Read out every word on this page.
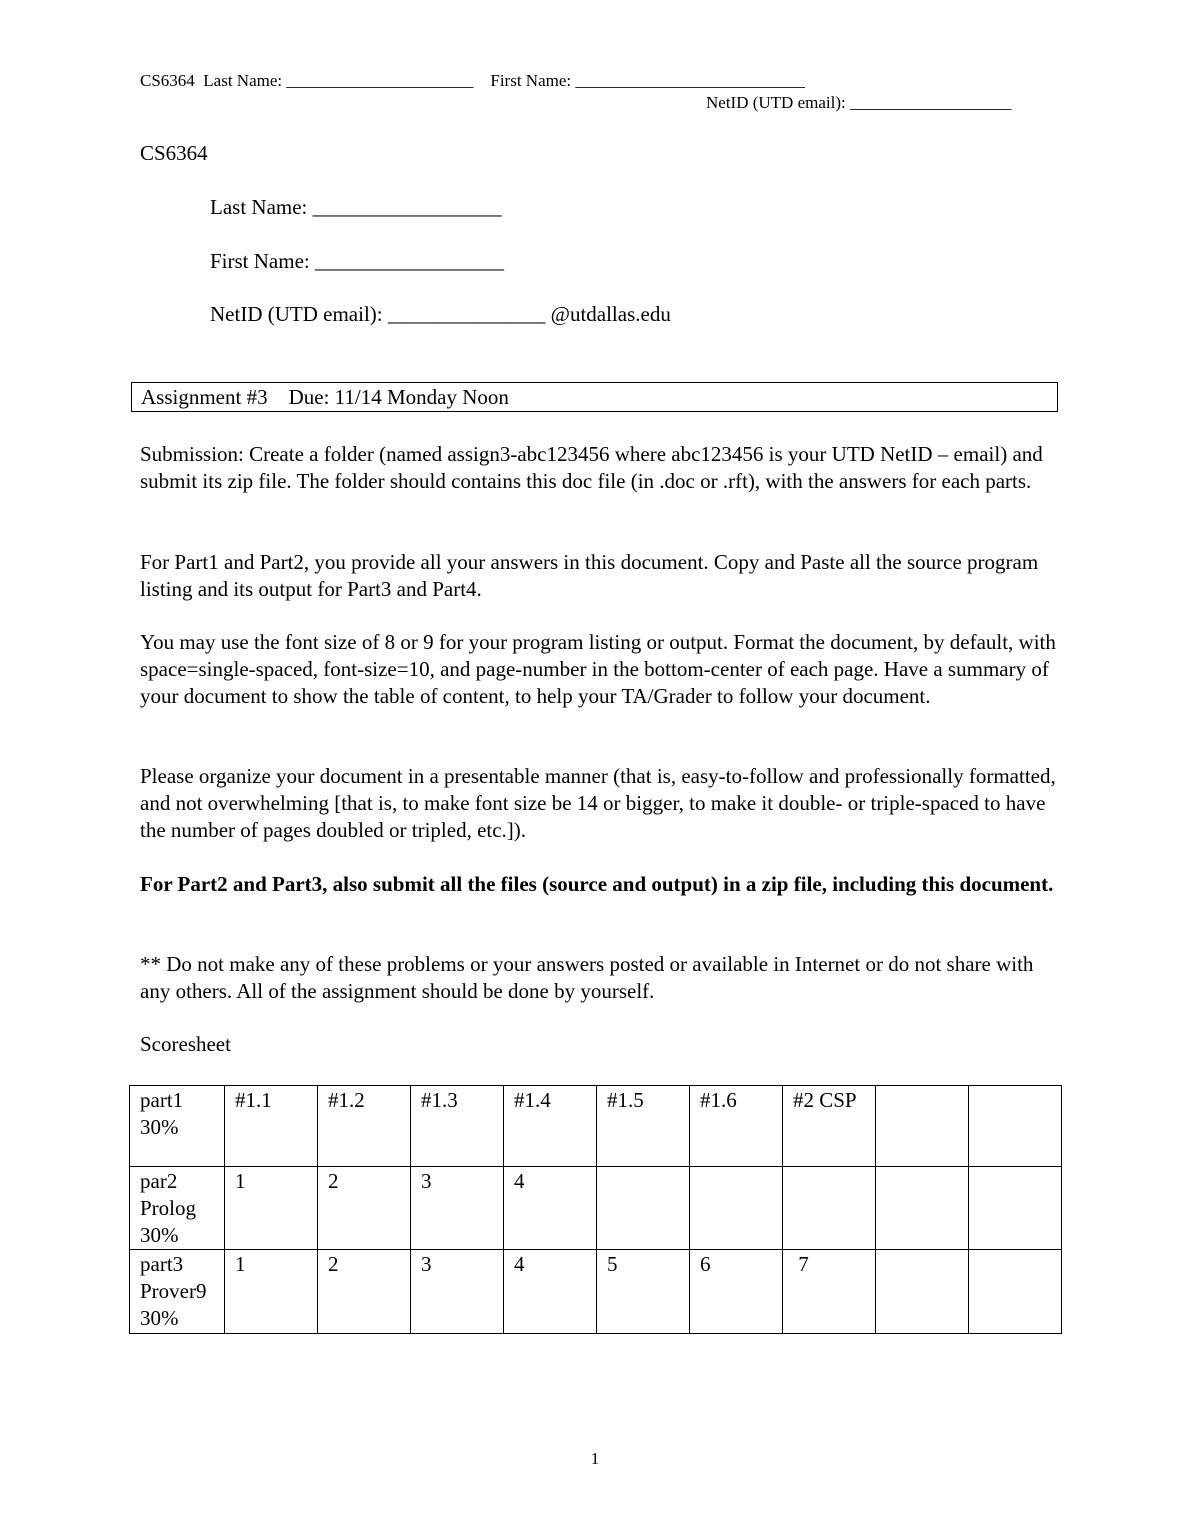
CS6364  Last Name: ______________________    First Name: ___________________________
NetID (UTD email): ___________________
CS6364
Last Name: __________________
First Name: __________________
NetID (UTD email): _______________ @utdallas.edu
Assignment #3    Due: 11/14 Monday Noon
Submission: Create a folder (named assign3-abc123456 where abc123456 is your UTD NetID – email) and submit its zip file. The folder should contains this doc file (in .doc or .rft), with the answers for each parts.
For Part1 and Part2, you provide all your answers in this document. Copy and Paste all the source program listing and its output for Part3 and Part4.
You may use the font size of 8 or 9 for your program listing or output. Format the document, by default, with space=single-spaced, font-size=10, and page-number in the bottom-center of each page. Have a summary of your document to show the table of content, to help your TA/Grader to follow your document.
Please organize your document in a presentable manner (that is, easy-to-follow and professionally formatted, and not overwhelming [that is, to make font size be 14 or bigger, to make it double- or triple-spaced to have the number of pages doubled or tripled, etc.]).
For Part2 and Part3, also submit all the files (source and output) in a zip file, including this document.
** Do not make any of these problems or your answers posted or available in Internet or do not share with any others. All of the assignment should be done by yourself.
Scoresheet
part1
30%	#1.1	#1.2	#1.3	#1.4	#1.5	#1.6	#2 CSP		
par2
Prolog
30%	1	2	3	4					
part3
Prover9
30%	1	2	3	4	5	6	7		
1
